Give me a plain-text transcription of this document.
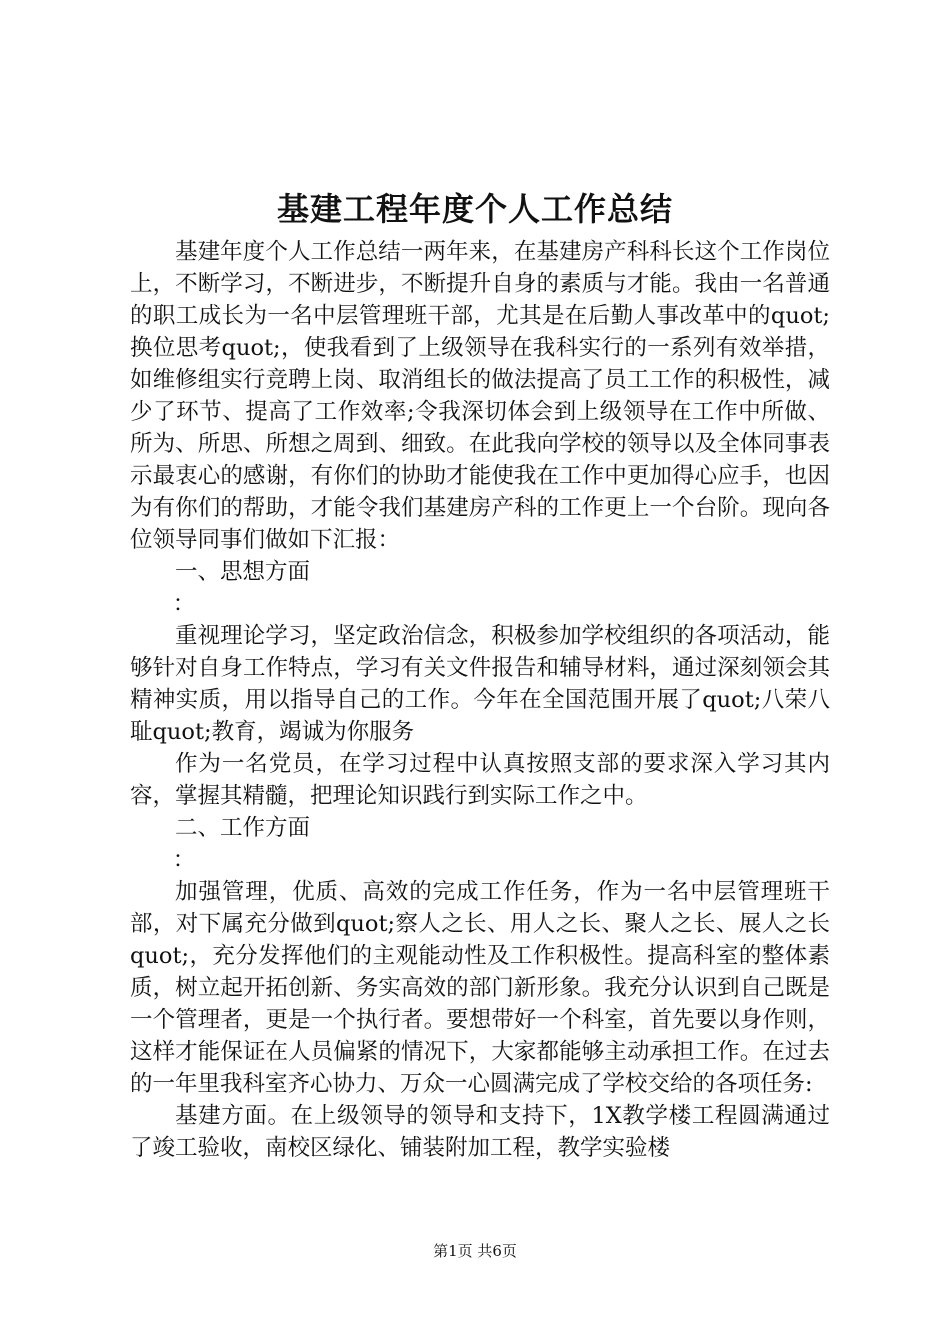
基建工程年度个人工作总结

基建年度个人工作总结一两年来，在基建房产科科长这个工作岗位上，不断学习，不断进步，不断提升自身的素质与才能。我由一名普通的职工成长为一名中层管理班干部，尤其是在后勤人事改革中的quot;换位思考quot;，使我看到了上级领导在我科实行的一系列有效举措，如维修组实行竞聘上岗、取消组长的做法提高了员工工作的积极性，减少了环节、提高了工作效率;令我深切体会到上级领导在工作中所做、所为、所思、所想之周到、细致。在此我向学校的领导以及全体同事表示最衷心的感谢，有你们的协助才能使我在工作中更加得心应手，也因为有你们的帮助，才能令我们基建房产科的工作更上一个台阶。现向各位领导同事们做如下汇报：

一、思想方面

：

重视理论学习，坚定政治信念，积极参加学校组织的各项活动，能够针对自身工作特点，学习有关文件报告和辅导材料，通过深刻领会其精神实质，用以指导自己的工作。今年在全国范围开展了quot;八荣八耻quot;教育，竭诚为你服务

作为一名党员，在学习过程中认真按照支部的要求深入学习其内容，掌握其精髓，把理论知识践行到实际工作之中。

二、工作方面

：

加强管理，优质、高效的完成工作任务，作为一名中层管理班干部，对下属充分做到quot;察人之长、用人之长、聚人之长、展人之长quot;，充分发挥他们的主观能动性及工作积极性。提高科室的整体素质，树立起开拓创新、务实高效的部门新形象。我充分认识到自己既是一个管理者，更是一个执行者。要想带好一个科室，首先要以身作则，这样才能保证在人员偏紧的情况下，大家都能够主动承担工作。在过去的一年里我科室齐心协力、万众一心圆满完成了学校交给的各项任务:

基建方面。在上级领导的领导和支持下，1X教学楼工程圆满通过了竣工验收，南校区绿化、铺装附加工程，教学实验楼

第1页 共6页
